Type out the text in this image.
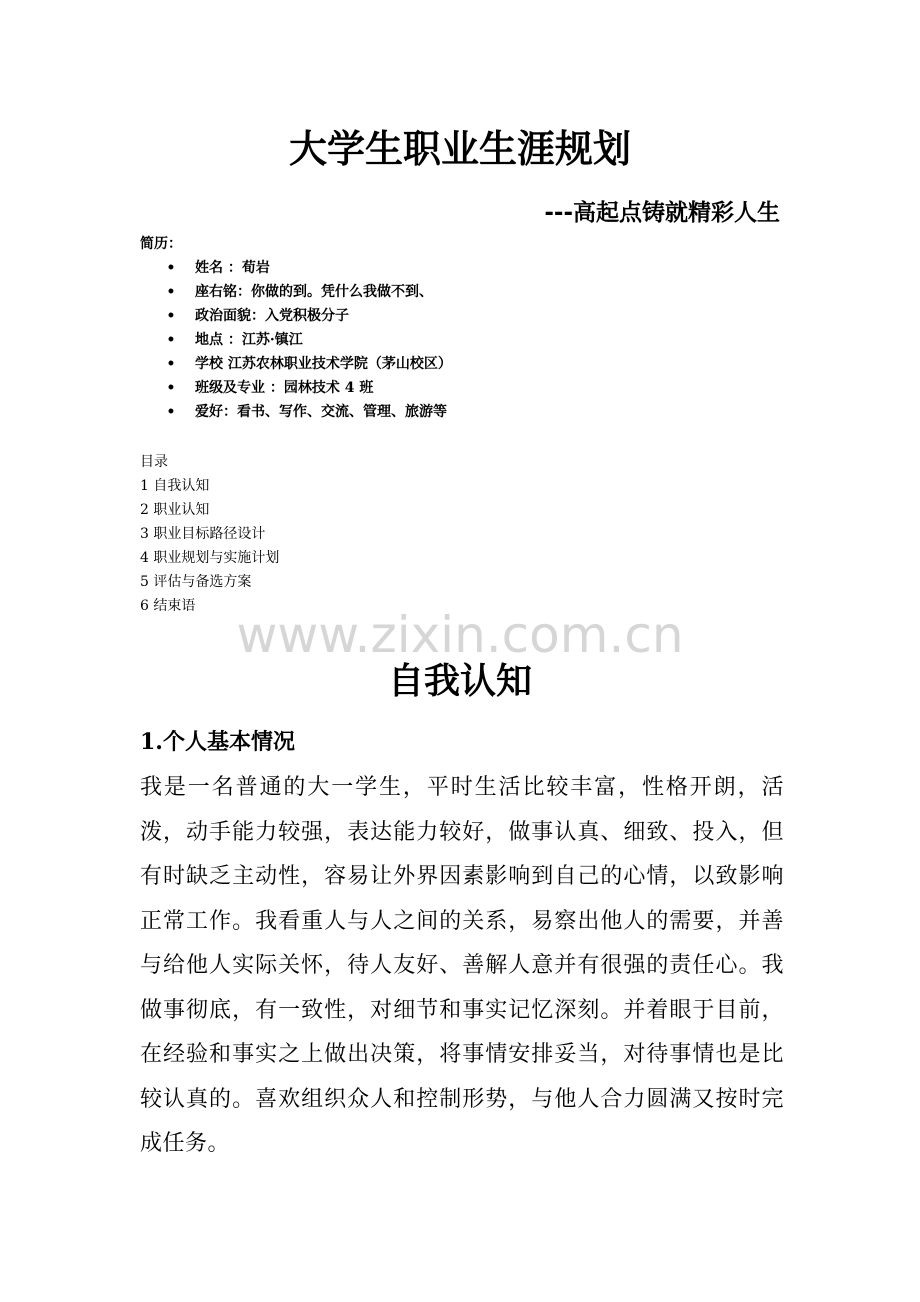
大学生职业生涯规划
---高起点铸就精彩人生
简历：
• 姓名 ：荀岩
• 座右铭：你做的到。凭什么我做不到、
• 政治面貌：入党积极分子
• 地点 ：江苏·镇江
• 学校 江苏农林职业技术学院（茅山校区）
• 班级及专业 ：园林技术 4 班
• 爱好：看书、写作、交流、管理、旅游等
目录
1 自我认知
2 职业认知
3 职业目标路径设计
4 职业规划与实施计划
5 评估与备选方案
6 结束语 www.zixin.com.cn
自我认知
1.个人基本情况

我是一名普通的大一学生，平时生活比较丰富，性格开朗，活泼，动手能力较强，表达能力较好，做事认真、细致、投入，但有时缺乏主动性，容易让外界因素影响到自己的心情，以致影响正常工作。我看重人与人之间的关系，易察出他人的需要，并善与给他人实际关怀，待人友好、善解人意并有很强的责任心。我做事彻底，有一致性，对细节和事实记忆深刻。并着眼于目前，在经验和事实之上做出决策，将事情安排妥当，对待事情也是比较认真的。喜欢组织众人和控制形势，与他人合力圆满又按时完成任务。
